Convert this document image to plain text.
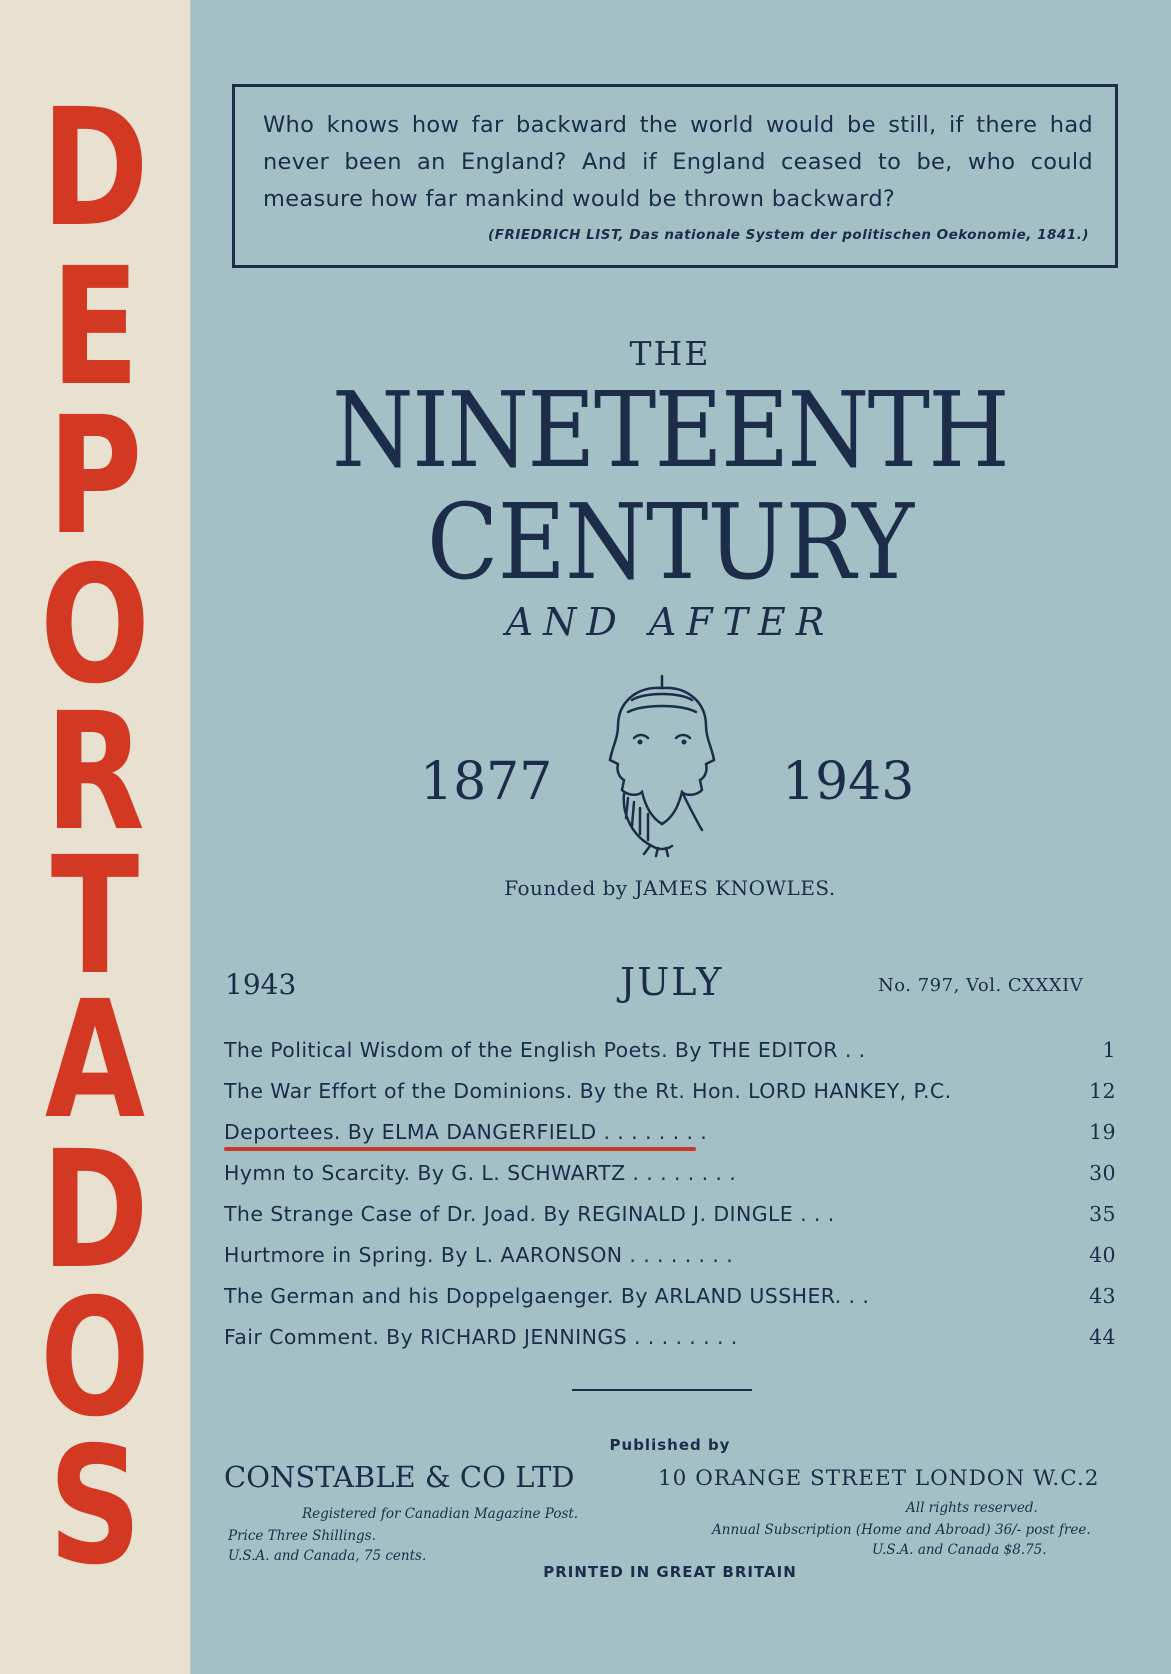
D
E
P
O
R
T
A
D
O
S
Who knows how far backward the world would be still, if there had never been an England? And if England ceased to be, who could measure how far mankind would be thrown backward?
(FRIEDRICH LIST, Das nationale System der politischen Oekonomie, 1841.)
THE
NINETEENTH
CENTURY
AND AFTER
1877	1943
Founded by JAMES KNOWLES.
1943	JULY	No. 797, Vol. CXXXIV
The Political Wisdom of the English Poets. By THE EDITOR . .	1
The War Effort of the Dominions. By the Rt. Hon. LORD HANKEY, P.C.	12
Deportees. By ELMA DANGERFIELD . . . . . . . .	19
Hymn to Scarcity. By G. L. SCHWARTZ . . . . . . . .	30
The Strange Case of Dr. Joad. By REGINALD J. DINGLE . . .	35
Hurtmore in Spring. By L. AARONSON . . . . . . . .	40
The German and his Doppelgaenger. By ARLAND USSHER. . .	43
Fair Comment. By RICHARD JENNINGS . . . . . . . .	44
Published by
CONSTABLE & CO LTD	10 ORANGE STREET LONDON W.C.2
Registered for Canadian Magazine Post.	All rights reserved.
Price Three Shillings.
U.S.A. and Canada, 75 cents.
Annual Subscription (Home and Abroad) 36/- post free.
U.S.A. and Canada $8.75.
PRINTED IN GREAT BRITAIN
